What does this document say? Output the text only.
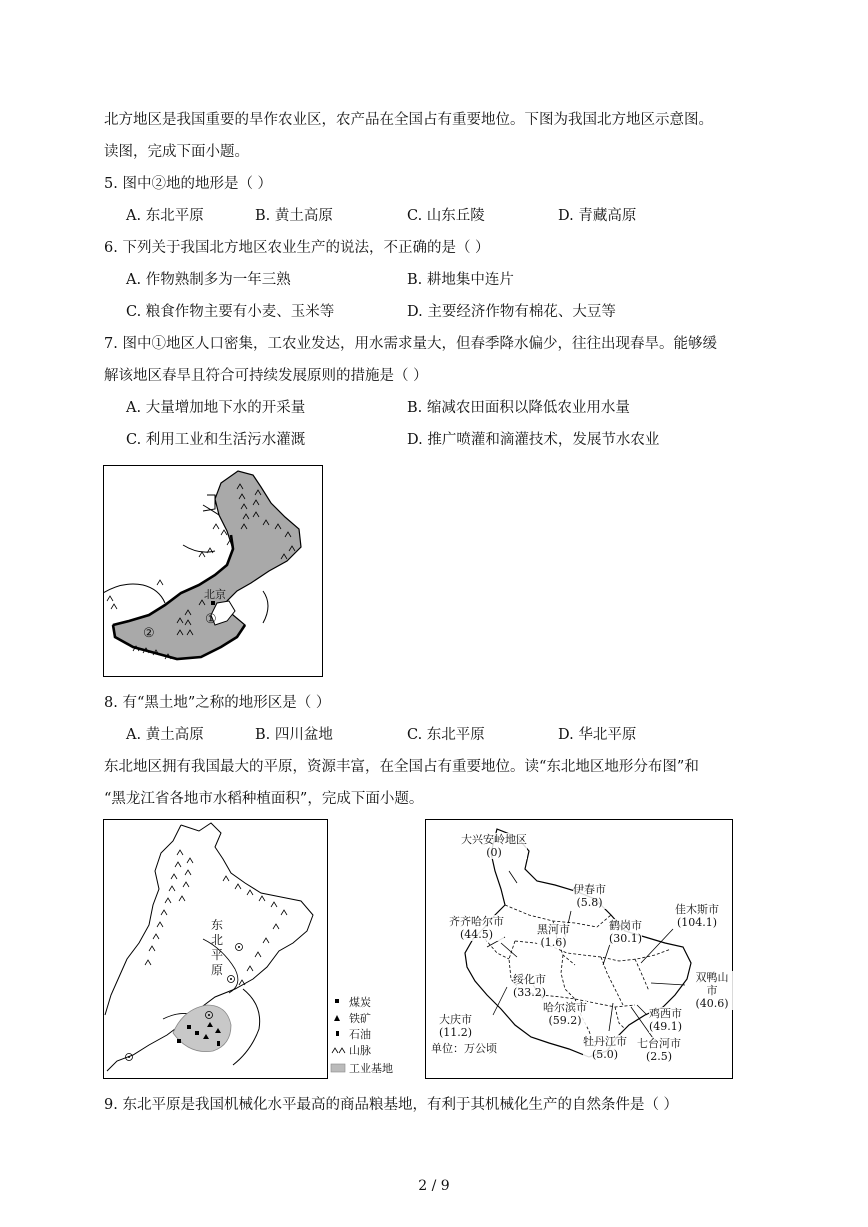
北方地区是我国重要的旱作农业区，农产品在全国占有重要地位。下图为我国北方地区示意图。
读图，完成下面小题。
5. 图中②地的地形是（ ）
A. 东北平原	B. 黄土高原	C. 山东丘陵	D. 青藏高原
6. 下列关于我国北方地区农业生产的说法，不正确的是（ ）
A. 作物熟制多为一年三熟	B. 耕地集中连片
C. 粮食作物主要有小麦、玉米等	D. 主要经济作物有棉花、大豆等
7. 图中①地区人口密集，工农业发达，用水需求量大，但春季降水偏少，往往出现春旱。能够缓
解该地区春旱且符合可持续发展原则的措施是（ ）
A. 大量增加地下水的开采量	B. 缩减农田面积以降低农业用水量
C. 利用工业和生活污水灌溉	D. 推广喷灌和滴灌技术，发展节水农业
北京
①
②
8. 有“黑土地”之称的地形区是（ ）
A. 黄土高原	B. 四川盆地	C. 东北平原	D. 华北平原
东北地区拥有我国最大的平原，资源丰富，在全国占有重要地位。读“东北地区地形分布图”和
“黑龙江省各地市水稻种植面积”，完成下面小题。
东
北
平
原
煤炭
铁矿
石油
山脉
工业基地
大兴安岭地区
(0)
伊春市
(5.8)
佳木斯市
(104.1)
齐齐哈尔市
(44.5)	黑河市
(1.6)
鹤岗市
(30.1)
双鸭山市
(40.6)
绥化市
(33.2)
鸡西市
(49.1)
大庆市
(11.2)
哈尔滨市
(59.2)
七台河市
(2.5)
牡丹江市
(5.0)
单位：万公顷
9. 东北平原是我国机械化水平最高的商品粮基地，有利于其机械化生产的自然条件是（ ）
2 / 9
